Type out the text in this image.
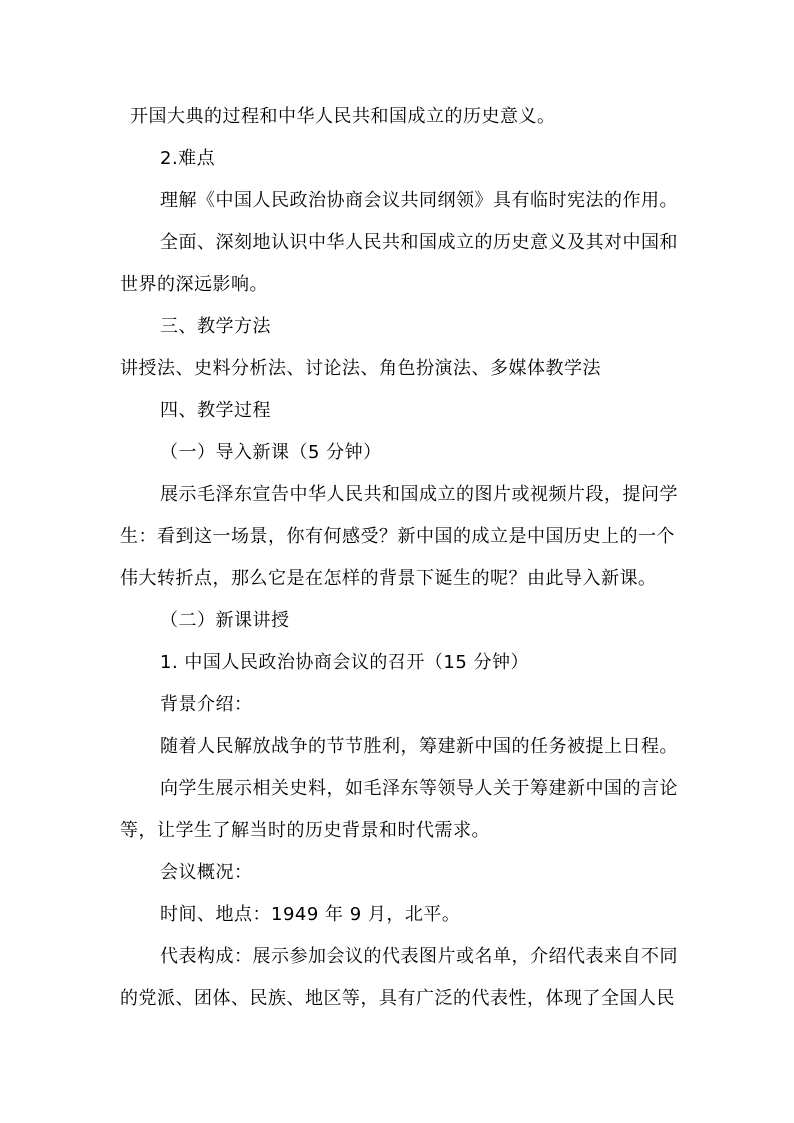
开国大典的过程和中华人民共和国成立的历史意义。
2.难点
理解《中国人民政治协商会议共同纲领》具有临时宪法的作用。
全面、深刻地认识中华人民共和国成立的历史意义及其对中国和
世界的深远影响。
三、教学方法
讲授法、史料分析法、讨论法、角色扮演法、多媒体教学法
四、教学过程
（一）导入新课（5 分钟）
展示毛泽东宣告中华人民共和国成立的图片或视频片段，提问学
生：看到这一场景，你有何感受？新中国的成立是中国历史上的一个
伟大转折点，那么它是在怎样的背景下诞生的呢？由此导入新课。
（二）新课讲授
1. 中国人民政治协商会议的召开（15 分钟）
背景介绍：
随着人民解放战争的节节胜利，筹建新中国的任务被提上日程。
向学生展示相关史料，如毛泽东等领导人关于筹建新中国的言论
等，让学生了解当时的历史背景和时代需求。
会议概况：
时间、地点：1949 年 9 月，北平。
代表构成：展示参加会议的代表图片或名单，介绍代表来自不同
的党派、团体、民族、地区等，具有广泛的代表性，体现了全国人民
